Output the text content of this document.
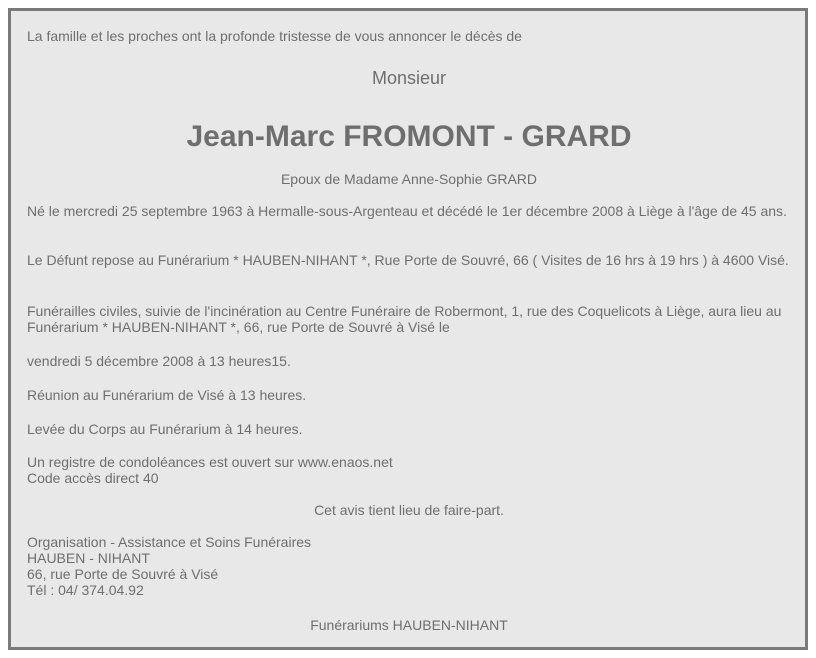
La famille et les proches ont la profonde tristesse de vous annoncer le décès de

Monsieur

Jean-Marc FROMONT - GRARD

Epoux de Madame Anne-Sophie GRARD

Né le mercredi 25 septembre 1963 à Hermalle-sous-Argenteau et décédé le 1er décembre 2008 à Liège à l'âge de 45 ans.

Le Défunt repose au Funérarium * HAUBEN-NIHANT *, Rue Porte de Souvré, 66 ( Visites de 16 hrs à 19 hrs ) à 4600 Visé.

Funérailles civiles, suivie de l'incinération au Centre Funéraire de Robermont, 1, rue des Coquelicots à Liège, aura lieu au Funérarium * HAUBEN-NIHANT *, 66, rue Porte de Souvré à Visé le

vendredi 5 décembre 2008 à 13 heures15.

Réunion au Funérarium de Visé à 13 heures.

Levée du Corps au Funérarium à 14 heures.

Un registre de condoléances est ouvert sur www.enaos.net
Code accès direct 40

Cet avis tient lieu de faire-part.

Organisation - Assistance et Soins Funéraires
HAUBEN - NIHANT
66, rue Porte de Souvré à Visé
Tél : 04/ 374.04.92

Funérariums HAUBEN-NIHANT
